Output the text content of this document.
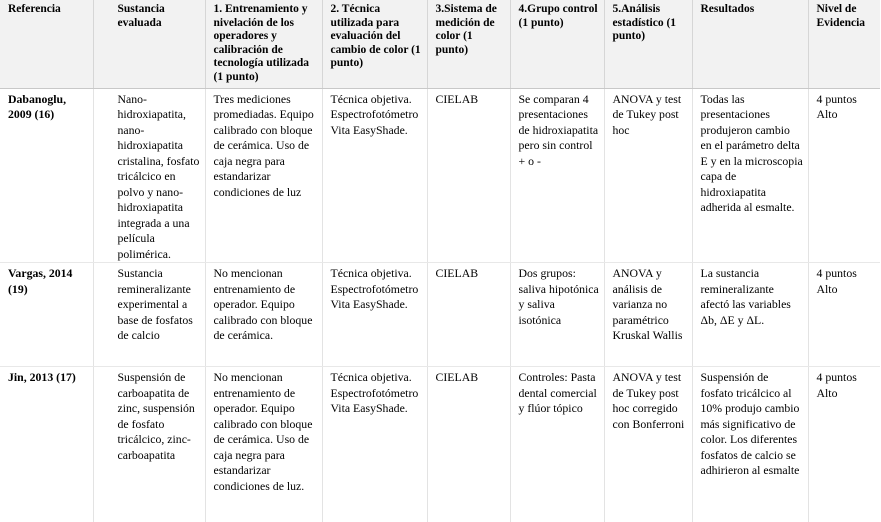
Referencia	Sustancia evaluada	1. Entrenamiento y nivelación de los operadores y calibración de tecnología utilizada (1 punto)	2. Técnica utilizada para evaluación del cambio de color (1 punto)	3.Sistema de medición de color (1 punto)	4.Grupo control (1 punto)	5.Análisis estadístico (1 punto)	Resultados	Nivel de Evidencia
Dabanoglu, 2009 (16)	Nano-hidroxiapatita, nano-hidroxiapatita cristalina, fosfato tricálcico en polvo y nano-hidroxiapatita integrada a una película polimérica.	Tres mediciones promediadas. Equipo calibrado con bloque de cerámica. Uso de caja negra para estandarizar condiciones de luz	Técnica objetiva. Espectrofotómetro Vita EasyShade.	CIELAB	Se comparan 4 presentaciones de hidroxiapatita pero sin control + o -	ANOVA y test de Tukey post hoc	Todas las presentaciones produjeron cambio en el parámetro delta E y en la microscopia capa de hidroxiapatita adherida al esmalte.	4 puntos Alto
Vargas, 2014 (19)	Sustancia remineralizante experimental a base de fosfatos de calcio	No mencionan entrenamiento de operador. Equipo calibrado con bloque de cerámica.	Técnica objetiva. Espectrofotómetro Vita EasyShade.	CIELAB	Dos grupos: saliva hipotónica y saliva isotónica	ANOVA y análisis de varianza no paramétrico Kruskal Wallis	La sustancia remineralizante afectó las variables Δb, ΔE y ΔL.	4 puntos Alto
Jin, 2013 (17)	Suspensión de carboapatita de zinc, suspensión de fosfato tricálcico, zinc-carboapatita	No mencionan entrenamiento de operador. Equipo calibrado con bloque de cerámica. Uso de caja negra para estandarizar condiciones de luz.	Técnica objetiva. Espectrofotómetro Vita EasyShade.	CIELAB	Controles: Pasta dental comercial y flúor tópico	ANOVA y test de Tukey post hoc corregido con Bonferroni	Suspensión de fosfato tricálcico al 10% produjo cambio más significativo de color. Los diferentes fosfatos de calcio se adhirieron al esmalte	4 puntos Alto
